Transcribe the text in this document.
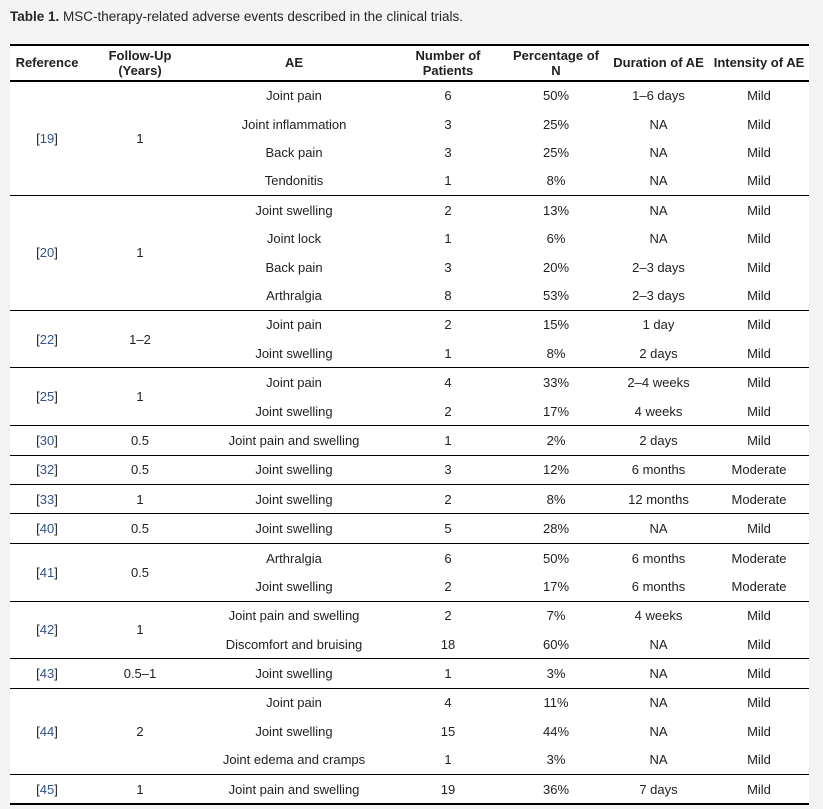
Table 1. MSC-therapy-related adverse events described in the clinical trials.
Reference	Follow-Up (Years)	AE	Number of Patients	Percentage of N	Duration of AE	Intensity of AE
[19]	1	Joint pain	6	50%	1–6 days	Mild
		Joint inflammation	3	25%	NA	Mild
		Back pain	3	25%	NA	Mild
		Tendonitis	1	8%	NA	Mild
[20]	1	Joint swelling	2	13%	NA	Mild
		Joint lock	1	6%	NA	Mild
		Back pain	3	20%	2–3 days	Mild
		Arthralgia	8	53%	2–3 days	Mild
[22]	1–2	Joint pain	2	15%	1 day	Mild
		Joint swelling	1	8%	2 days	Mild
[25]	1	Joint pain	4	33%	2–4 weeks	Mild
		Joint swelling	2	17%	4 weeks	Mild
[30]	0.5	Joint pain and swelling	1	2%	2 days	Mild
[32]	0.5	Joint swelling	3	12%	6 months	Moderate
[33]	1	Joint swelling	2	8%	12 months	Moderate
[40]	0.5	Joint swelling	5	28%	NA	Mild
[41]	0.5	Arthralgia	6	50%	6 months	Moderate
		Joint swelling	2	17%	6 months	Moderate
[42]	1	Joint pain and swelling	2	7%	4 weeks	Mild
		Discomfort and bruising	18	60%	NA	Mild
[43]	0.5–1	Joint swelling	1	3%	NA	Mild
[44]	2	Joint pain	4	11%	NA	Mild
		Joint swelling	15	44%	NA	Mild
		Joint edema and cramps	1	3%	NA	Mild
[45]	1	Joint pain and swelling	19	36%	7 days	Mild
